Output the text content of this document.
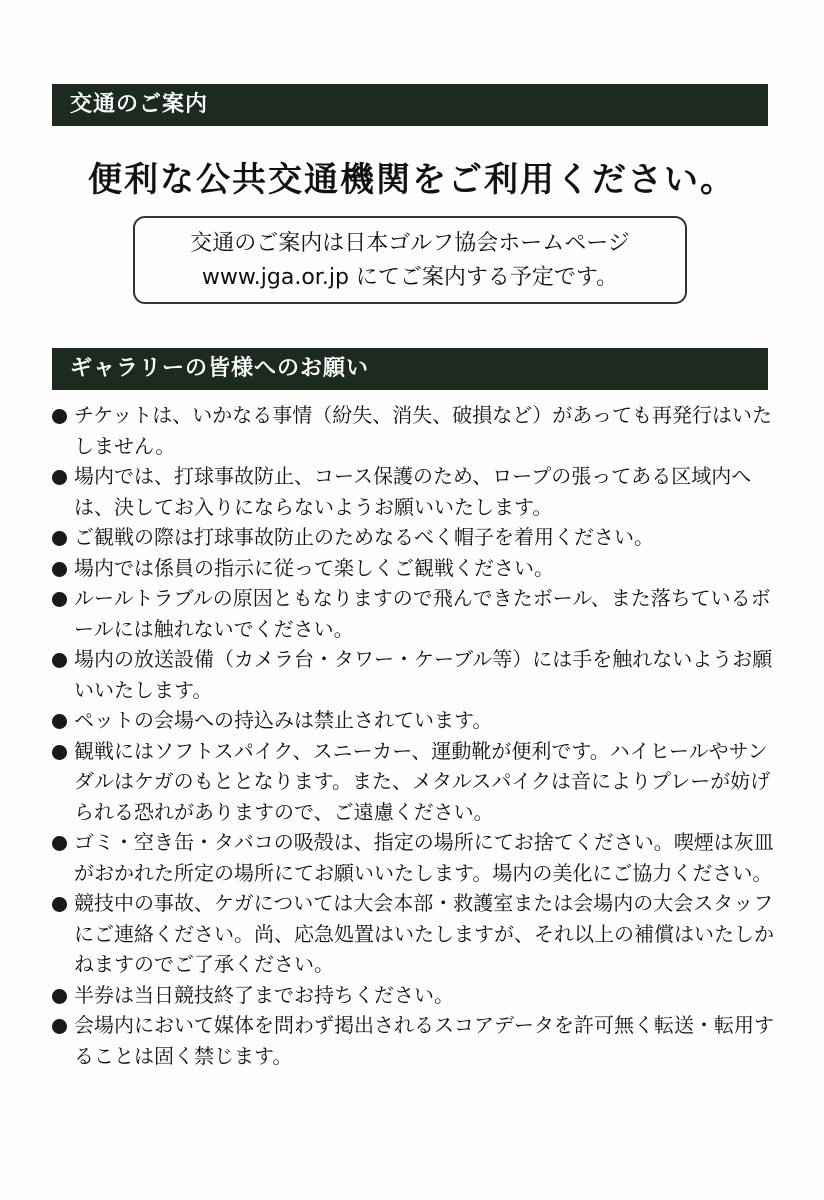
交通のご案内
便利な公共交通機関をご利用ください。
交通のご案内は日本ゴルフ協会ホームページ
www.jga.or.jp にてご案内する予定です。
ギャラリーの皆様へのお願い
チケットは、いかなる事情（紛失、消失、破損など）があっても再発行はいたしません。
場内では、打球事故防止、コース保護のため、ロープの張ってある区域内へは、決してお入りにならないようお願いいたします。
ご観戦の際は打球事故防止のためなるべく帽子を着用ください。
場内では係員の指示に従って楽しくご観戦ください。
ルールトラブルの原因ともなりますので飛んできたボール、また落ちているボールには触れないでください。
場内の放送設備（カメラ台・タワー・ケーブル等）には手を触れないようお願いいたします。
ペットの会場への持込みは禁止されています。
観戦にはソフトスパイク、スニーカー、運動靴が便利です。ハイヒールやサンダルはケガのもととなります。また、メタルスパイクは音によりプレーが妨げられる恐れがありますので、ご遠慮ください。
ゴミ・空き缶・タバコの吸殻は、指定の場所にてお捨てください。喫煙は灰皿がおかれた所定の場所にてお願いいたします。場内の美化にご協力ください。
競技中の事故、ケガについては大会本部・救護室または会場内の大会スタッフにご連絡ください。尚、応急処置はいたしますが、それ以上の補償はいたしかねますのでご了承ください。
半券は当日競技終了までお持ちください。
会場内において媒体を問わず掲出されるスコアデータを許可無く転送・転用することは固く禁じます。
